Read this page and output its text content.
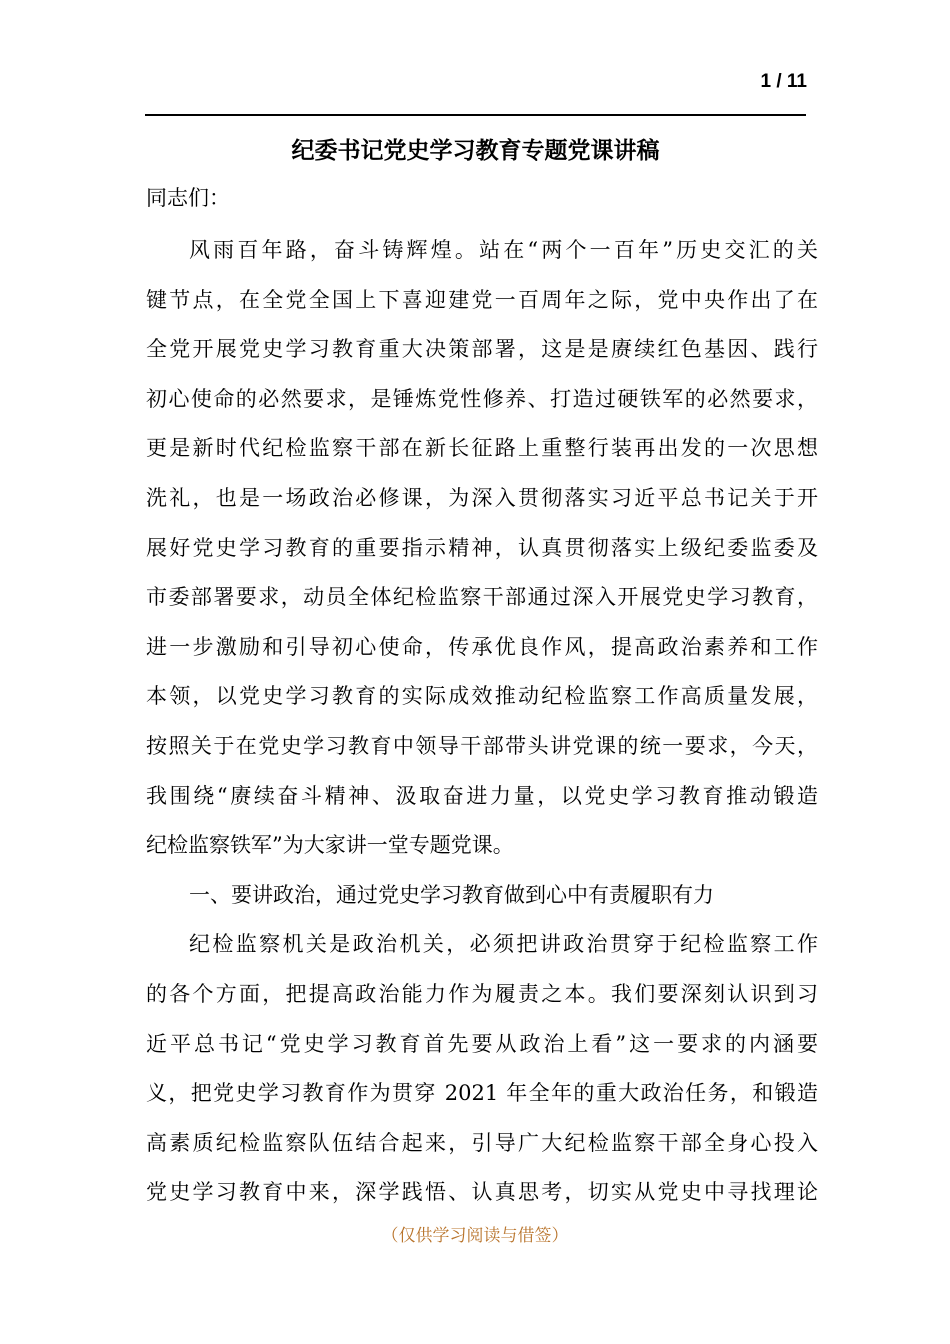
1 / 11
纪委书记党史学习教育专题党课讲稿

同志们：

风雨百年路，奋斗铸辉煌。站在“两个一百年”历史交汇的关
键节点，在全党全国上下喜迎建党一百周年之际，党中央作出了在
全党开展党史学习教育重大决策部署，这是是赓续红色基因、践行
初心使命的必然要求，是锤炼党性修养、打造过硬铁军的必然要求，
更是新时代纪检监察干部在新长征路上重整行装再出发的一次思想
洗礼，也是一场政治必修课，为深入贯彻落实习近平总书记关于开
展好党史学习教育的重要指示精神，认真贯彻落实上级纪委监委及
市委部署要求，动员全体纪检监察干部通过深入开展党史学习教育，
进一步激励和引导初心使命，传承优良作风，提高政治素养和工作
本领，以党史学习教育的实际成效推动纪检监察工作高质量发展，
按照关于在党史学习教育中领导干部带头讲党课的统一要求，今天，
我围绕“赓续奋斗精神、汲取奋进力量，以党史学习教育推动锻造
纪检监察铁军”为大家讲一堂专题党课。
一、要讲政治，通过党史学习教育做到心中有责履职有力
纪检监察机关是政治机关，必须把讲政治贯穿于纪检监察工作
的各个方面，把提高政治能力作为履责之本。我们要深刻认识到习
近平总书记“党史学习教育首先要从政治上看”这一要求的内涵要
义，把党史学习教育作为贯穿 2021 年全年的重大政治任务，和锻造
高素质纪检监察队伍结合起来，引导广大纪检监察干部全身心投入
党史学习教育中来，深学践悟、认真思考，切实从党史中寻找理论
（仅供学习阅读与借签）
